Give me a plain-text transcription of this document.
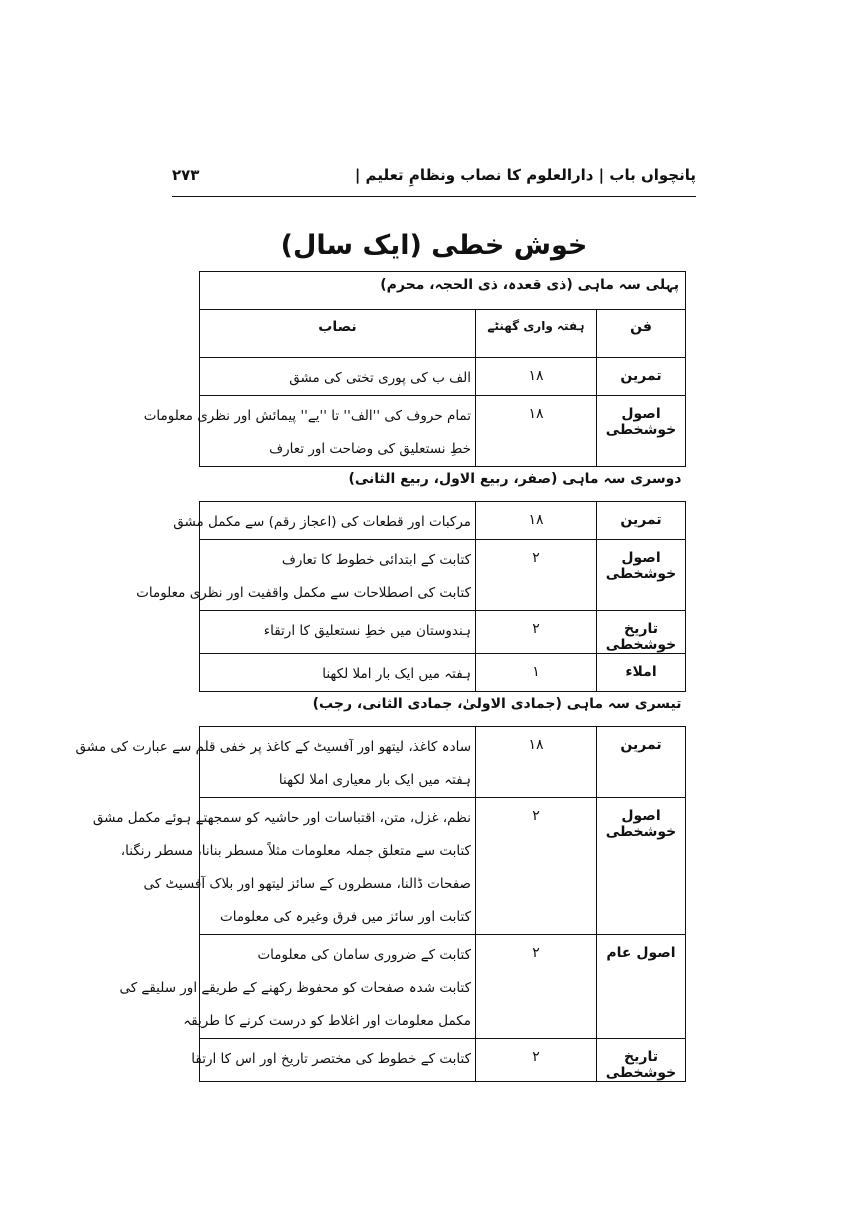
پانچواں باب | دارالعلوم کا نصاب ونظامِ تعلیم |
۲۷۳
خوش خطی (ایک سال)
پہلی سہ ماہی (ذی قعدہ، ذی الحجہ، محرم)		
فن	ہفتہ واری گھنٹے	نصاب
تمرین	۱۸	الف ب کی پوری تختی کی مشق

اصول خوشخطی	۱۸	تمام حروف کی ''الف'' تا ''یے'' پیمائش اور نظری معلومات
خطِ نستعلیق کی وضاحت اور تعارف

دوسری سہ ماہی (صفر، ربیع الاول، ربیع الثانی)		
تمرین	۱۸	مرکبات اور قطعات کی (اعجاز رقم) سے مکمل مشق

اصول خوشخطی	۲	کتابت کے ابتدائی خطوط کا تعارف
کتابت کی اصطلاحات سے مکمل واقفیت اور نظری معلومات

تاریخ خوشخطی	۲	ہندوستان میں خطِ نستعلیق کا ارتقاء

املاء	۱	ہفتہ میں ایک بار املا لکھنا

تیسری سہ ماہی (جمادی الاولیٰ، جمادی الثانی، رجب)		
تمرین	۱۸	سادہ کاغذ، لیتھو اور آفسیٹ کے کاغذ پر خفی قلم سے عبارت کی مشق
ہفتہ میں ایک بار معیاری املا لکھنا

اصول خوشخطی	۲	نظم، غزل، متن، اقتباسات اور حاشیہ کو سمجھتے ہوئے مکمل مشق
کتابت سے متعلق جملہ معلومات مثلاً مسطر بنانا، مسطر رنگنا،
صفحات ڈالنا، مسطروں کے سائز لیتھو اور بلاک آفسیٹ کی
کتابت اور سائز میں فرق وغیرہ کی معلومات

اصول عام	۲	کتابت کے ضروری سامان کی معلومات
کتابت شدہ صفحات کو محفوظ رکھنے کے طریقے اور سلیقے کی
مکمل معلومات اور اغلاط کو درست کرنے کا طریقہ

تاریخ خوشخطی	۲	کتابت کے خطوط کی مختصر تاریخ اور اس کا ارتقا
